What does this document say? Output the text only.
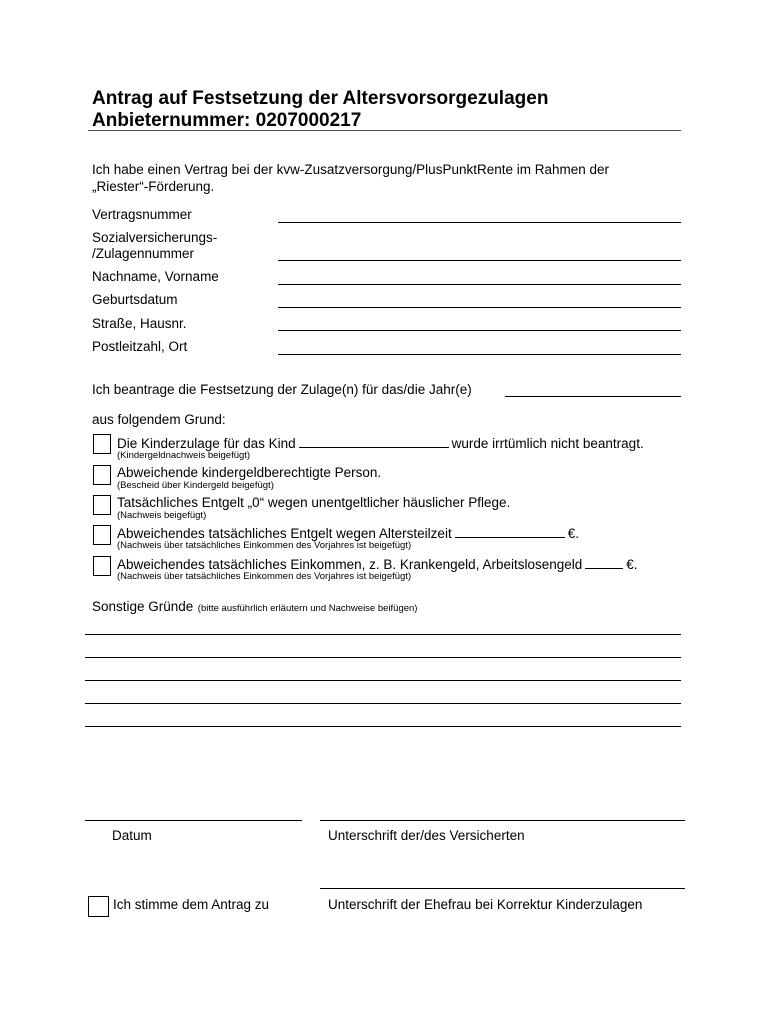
Antrag auf Festsetzung der Altersvorsorgezulagen
Anbieternummer: 0207000217
Ich habe einen Vertrag bei der kvw-Zusatzversorgung/PlusPunktRente im Rahmen der
„Riester“-Förderung.
Vertragsnummer
Sozialversicherungs-
/Zulagennummer
Nachname, Vorname
Geburtsdatum
Straße, Hausnr.
Postleitzahl, Ort
Ich beantrage die Festsetzung der Zulage(n) für das/die Jahr(e)
aus folgendem Grund:
Die Kinderzulage für das Kind	wurde irrtümlich nicht beantragt.
(Kindergeldnachweis beigefügt)
Abweichende kindergeldberechtigte Person.
(Bescheid über Kindergeld beigefügt)
Tatsächliches Entgelt „0“ wegen unentgeltlicher häuslicher Pflege.
(Nachweis beigefügt)
Abweichendes tatsächliches Entgelt wegen Altersteilzeit	€.
(Nachweis über tatsächliches Einkommen des Vorjahres ist beigefügt)
Abweichendes tatsächliches Einkommen, z. B. Krankengeld, Arbeitslosengeld	€.
(Nachweis über tatsächliches Einkommen des Vorjahres ist beigefügt)
Sonstige Gründe (bitte ausführlich erläutern und Nachweise beifügen)
Datum	Unterschrift der/des Versicherten
Ich stimme dem Antrag zu	Unterschrift der Ehefrau bei Korrektur Kinderzulagen
